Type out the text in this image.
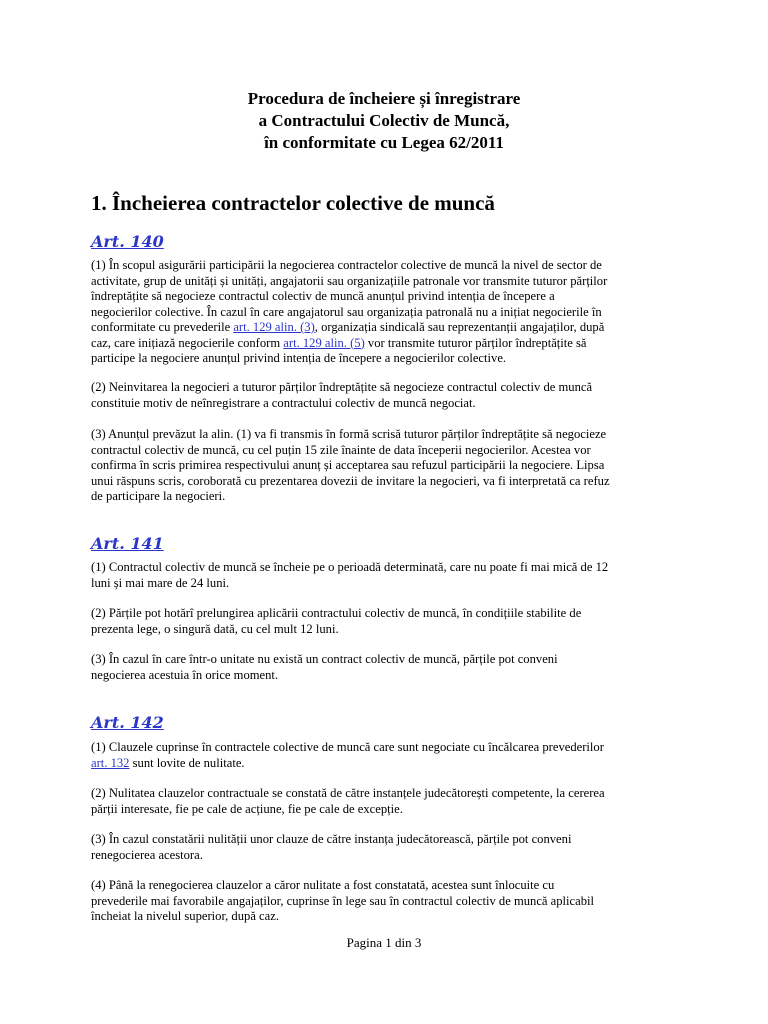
Procedura de încheiere și înregistrare
a Contractului Colectiv de Muncă,
în conformitate cu Legea 62/2011
1. Încheierea contractelor colective de muncă
Art. 140
(1) În scopul asigurării participării la negocierea contractelor colective de muncă la nivel de sector de
activitate, grup de unități și unități, angajatorii sau organizațiile patronale vor transmite tuturor părților
îndreptățite să negocieze contractul colectiv de muncă anunțul privind intenția de începere a
negocierilor colective. În cazul în care angajatorul sau organizația patronală nu a inițiat negocierile în
conformitate cu prevederile art. 129 alin. (3), organizația sindicală sau reprezentanții angajaților, după
caz, care inițiază negocierile conform art. 129 alin. (5) vor transmite tuturor părților îndreptățite să
participe la negociere anunțul privind intenția de începere a negocierilor colective.
(2) Neinvitarea la negocieri a tuturor părților îndreptățite să negocieze contractul colectiv de muncă
constituie motiv de neînregistrare a contractului colectiv de muncă negociat.
(3) Anunțul prevăzut la alin. (1) va fi transmis în formă scrisă tuturor părților îndreptățite să negocieze
contractul colectiv de muncă, cu cel puțin 15 zile înainte de data începerii negocierilor. Acestea vor
confirma în scris primirea respectivului anunț și acceptarea sau refuzul participării la negociere. Lipsa
unui răspuns scris, coroborată cu prezentarea dovezii de invitare la negocieri, va fi interpretată ca refuz
de participare la negocieri.
Art. 141
(1) Contractul colectiv de muncă se încheie pe o perioadă determinată, care nu poate fi mai mică de 12
luni și mai mare de 24 luni.
(2) Părțile pot hotărî prelungirea aplicării contractului colectiv de muncă, în condițiile stabilite de
prezenta lege, o singură dată, cu cel mult 12 luni.
(3) În cazul în care într-o unitate nu există un contract colectiv de muncă, părțile pot conveni
negocierea acestuia în orice moment.
Art. 142
(1) Clauzele cuprinse în contractele colective de muncă care sunt negociate cu încălcarea prevederilor
art. 132 sunt lovite de nulitate.
(2) Nulitatea clauzelor contractuale se constată de către instanțele judecătorești competente, la cererea
părții interesate, fie pe cale de acțiune, fie pe cale de excepție.
(3) În cazul constatării nulității unor clauze de către instanța judecătorească, părțile pot conveni
renegocierea acestora.
(4) Până la renegocierea clauzelor a căror nulitate a fost constatată, acestea sunt înlocuite cu
prevederile mai favorabile angajaților, cuprinse în lege sau în contractul colectiv de muncă aplicabil
încheiat la nivelul superior, după caz.
Pagina 1 din 3
